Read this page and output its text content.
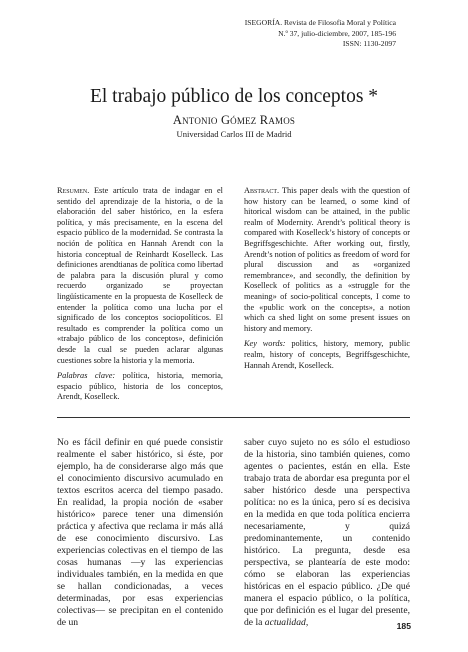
ISEGORÍA. Revista de Filosofía Moral y Política
N.º 37, julio-diciembre, 2007, 185-196
ISSN: 1130-2097
El trabajo público de los conceptos *
Antonio Gómez Ramos
Universidad Carlos III de Madrid

Resumen. Este artículo trata de indagar en el sentido del aprendizaje de la historia, o de la elaboración del saber histórico, en la esfera política, y más precisamente, en la escena del espacio público de la modernidad. Se contrasta la noción de política en Hannah Arendt con la historia conceptual de Reinhardt Koselleck. Las definiciones arendtianas de política como libertad de palabra para la discusión plural y como recuerdo organizado se proyectan lingüísticamente en la propuesta de Koselleck de entender la política como una lucha por el significado de los conceptos sociopolíticos. El resultado es comprender la política como un «trabajo público de los conceptos», definición desde la cual se pueden aclarar algunas cuestiones sobre la historia y la memoria.

Palabras clave: política, historia, memoria, espacio público, historia de los conceptos, Arendt, Koselleck.

Abstract. This paper deals with the question of how history can be learned, o some kind of hitorical wisdom can be attained, in the public realm of Modernity. Arendt’s political theory is compared with Koselleck’s history of concepts or Begriffsgeschichte. After working out, firstly, Arendt’s notion of politics as freedom of word for plural discussion and as «organized remembrance», and secondly, the definition by Koselleck of politics as a «struggle for the meaning» of socio-political concepts, I come to the «public work on the concepts», a notion which ca shed light on some present issues on history and memory.

Key words: politics, history, memory, public realm, history of concepts, Begriffsgeschichte, Hannah Arendt, Koselleck.

No es fácil definir en qué puede consistir realmente el saber histórico, si éste, por ejemplo, ha de considerarse algo más que el conocimiento discursivo acumulado en textos escritos acerca del tiempo pasado. En realidad, la propia noción de «saber histórico» parece tener una dimensión práctica y afectiva que reclama ir más allá de ese conocimiento discursivo. Las experiencias colectivas en el tiempo de las cosas humanas —y las experiencias individuales también, en la medida en que se hallan condicionadas, a veces determinadas, por esas experiencias colectivas— se precipitan en el contenido de un

saber cuyo sujeto no es sólo el estudioso de la historia, sino también quienes, como agentes o pacientes, están en ella. Este trabajo trata de abordar esa pregunta por el saber histórico desde una perspectiva política: no es la única, pero sí es decisiva en la medida en que toda política encierra necesariamente, y quizá predominantemente, un contenido histórico. La pregunta, desde esa perspectiva, se plantearía de este modo: cómo se elaboran las experiencias históricas en el espacio público. ¿De qué manera el espacio público, o la política, que por definición es el lugar del presente, de la actualidad,	185
